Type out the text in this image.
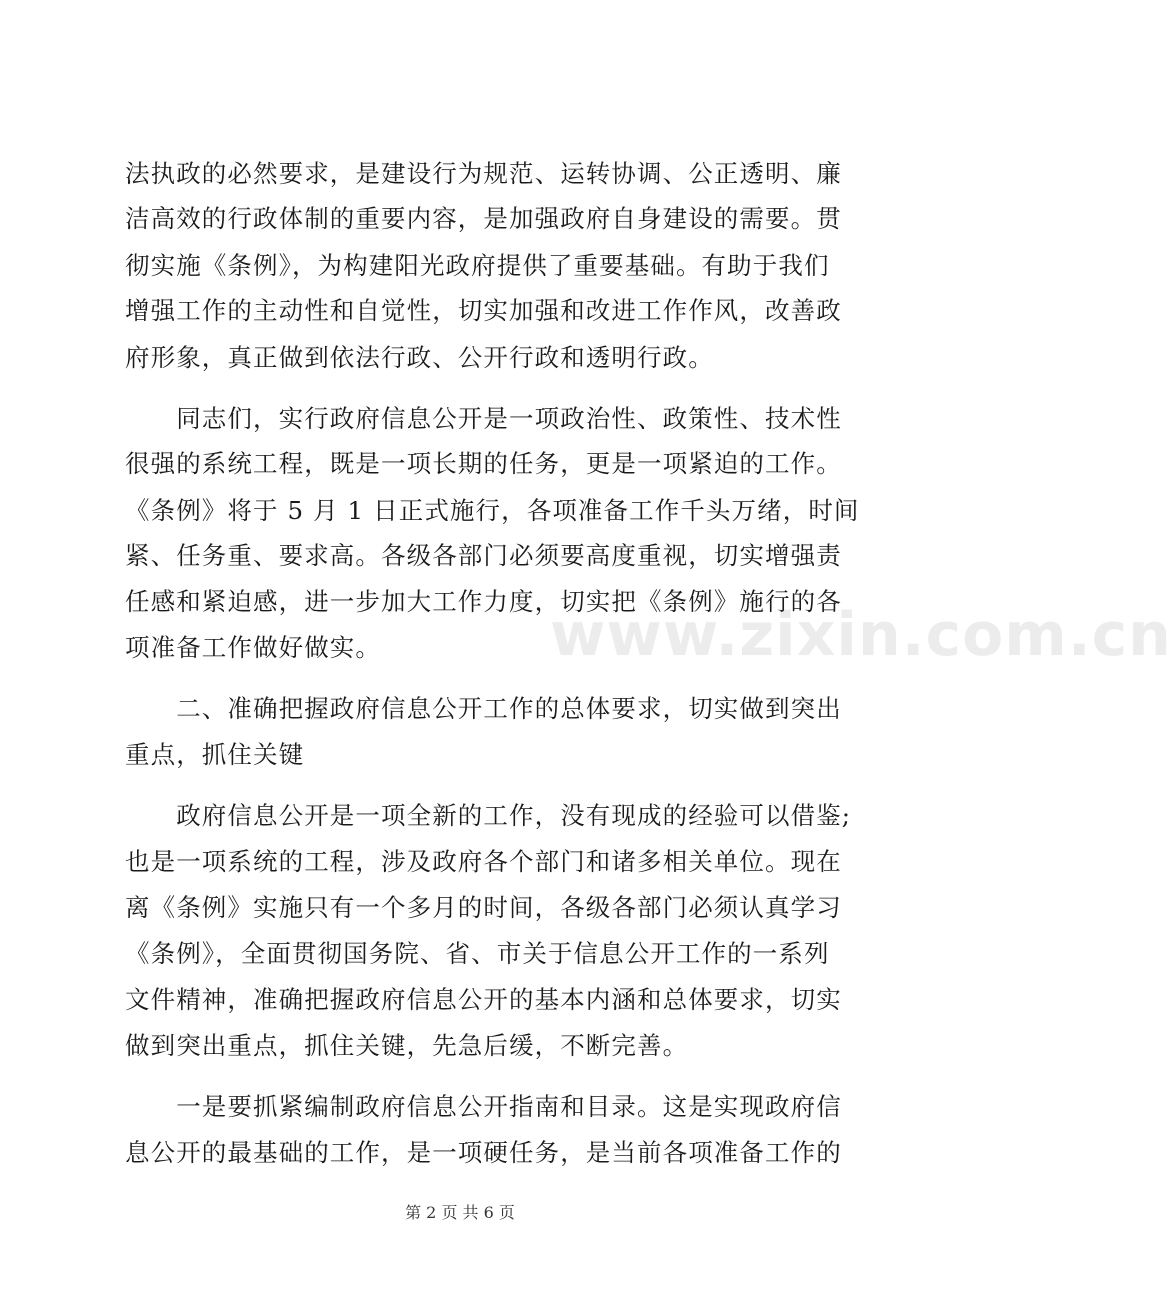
法执政的必然要求，是建设行为规范、运转协调、公正透明、廉
洁高效的行政体制的重要内容，是加强政府自身建设的需要。贯
彻实施《条例》，为构建阳光政府提供了重要基础。有助于我们
增强工作的主动性和自觉性，切实加强和改进工作作风，改善政
府形象，真正做到依法行政、公开行政和透明行政。
　　同志们，实行政府信息公开是一项政治性、政策性、技术性
很强的系统工程，既是一项长期的任务，更是一项紧迫的工作。
《条例》将于 5 月 1 日正式施行，各项准备工作千头万绪，时间
紧、任务重、要求高。各级各部门必须要高度重视，切实增强责
任感和紧迫感，进一步加大工作力度，切实把《条例》施行的各
项准备工作做好做实。
　　二、准确把握政府信息公开工作的总体要求，切实做到突出
重点，抓住关键
　　政府信息公开是一项全新的工作，没有现成的经验可以借鉴;
也是一项系统的工程，涉及政府各个部门和诸多相关单位。现在
离《条例》实施只有一个多月的时间，各级各部门必须认真学习
《条例》，全面贯彻国务院、省、市关于信息公开工作的一系列
文件精神，准确把握政府信息公开的基本内涵和总体要求，切实
做到突出重点，抓住关键，先急后缓，不断完善。
　　一是要抓紧编制政府信息公开指南和目录。这是实现政府信
息公开的最基础的工作，是一项硬任务，是当前各项准备工作的
www.zixin.com.cn
第 2 页 共 6 页
